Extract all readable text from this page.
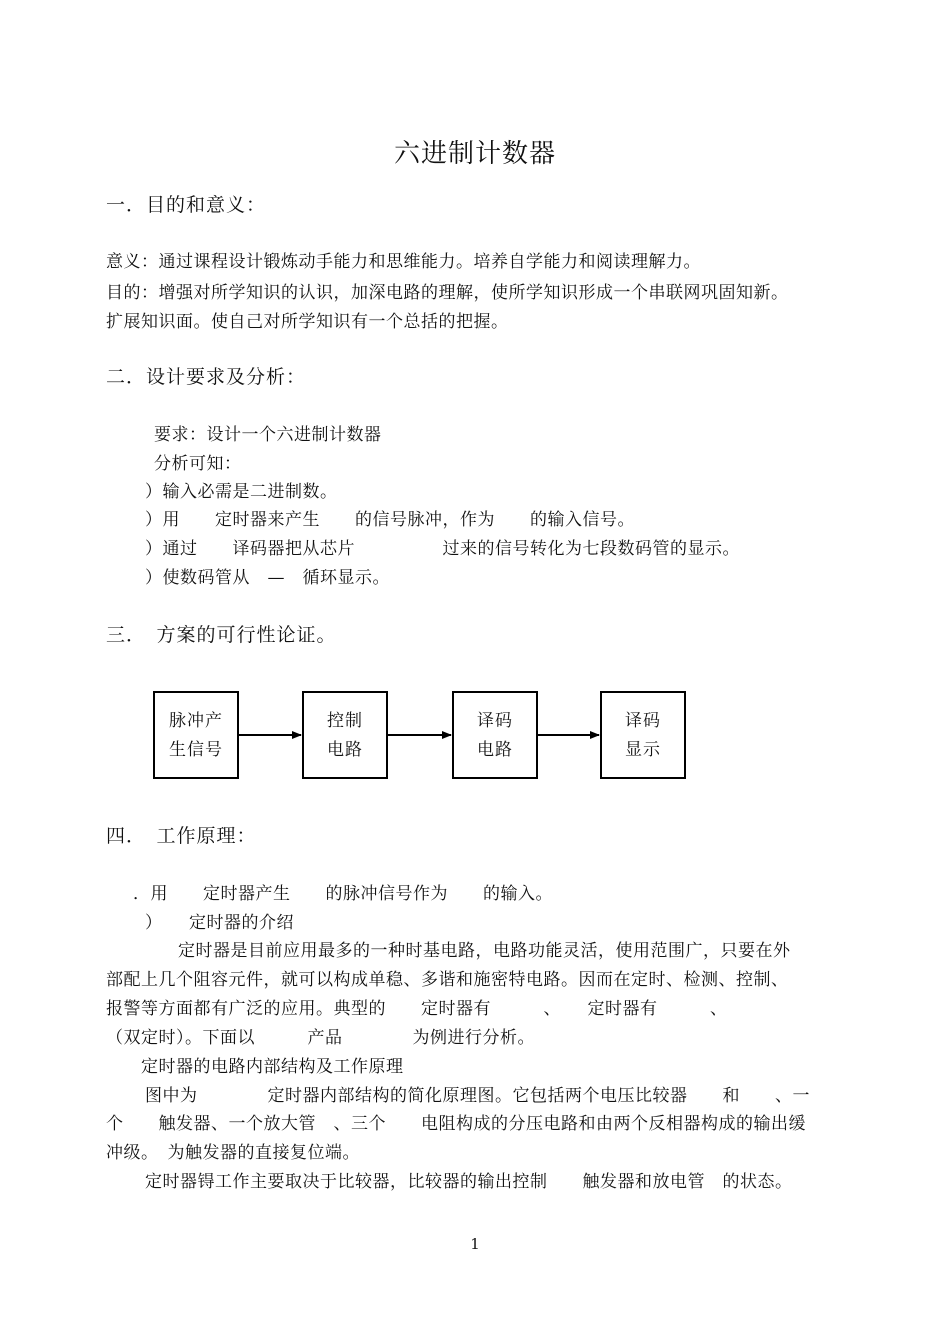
六进制计数器
一．目的和意义：
意义：通过课程设计锻炼动手能力和思维能力。培养自学能力和阅读理解力。
目的：增强对所学知识的认识，加深电路的理解，使所学知识形成一个串联网巩固知新。
扩展知识面。使自己对所学知识有一个总括的把握。
二．设计要求及分析：
要求：设计一个六进制计数器
分析可知：
）输入必需是二进制数。
）用　　定时器来产生　　的信号脉冲，作为　　的输入信号。
）通过　　译码器把从芯片　　　　　过来的信号转化为七段数码管的显示。
）使数码管从　—　循环显示。
三．　方案的可行性论证。
脉冲产
生信号
控制
电路
译码
电路
译码
显示
四．　工作原理：
．用　　定时器产生　　的脉冲信号作为　　的输入。
）　　定时器的介绍
定时器是目前应用最多的一种时基电路，电路功能灵活，使用范围广，只要在外
部配上几个阻容元件，就可以构成单稳、多谐和施密特电路。因而在定时、检测、控制、
报警等方面都有广泛的应用。典型的　　定时器有　　　、　　定时器有　　　、
（双定时）。下面以　　　产品　　　　为例进行分析。
定时器的电路内部结构及工作原理
图中为　　　　定时器内部结构的简化原理图。它包括两个电压比较器　　和　　、一
个　　触发器、一个放大管　、三个　　电阻构成的分压电路和由两个反相器构成的输出缓
冲级。　为触发器的直接复位端。
定时器锝工作主要取决于比较器，比较器的输出控制　　触发器和放电管　的状态。
1
